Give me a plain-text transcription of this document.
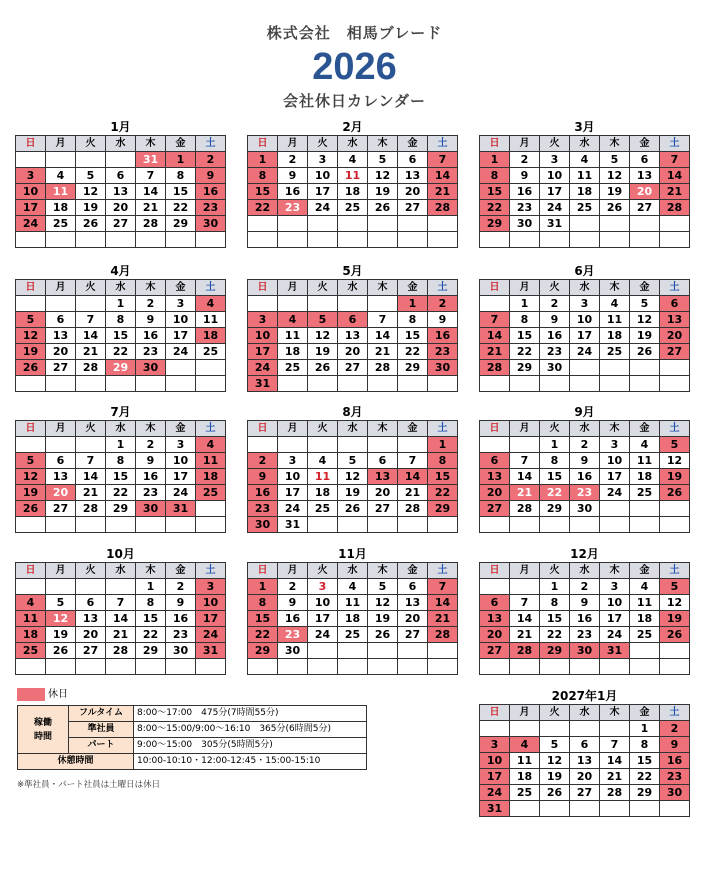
株式会社　相馬ブレード
2026
会社休日カレンダー
1月
日	月	火	水	木	金	土
				31	1	2
3	4	5	6	7	8	9
10	11	12	13	14	15	16
17	18	19	20	21	22	23
24	25	26	27	28	29	30

2月
日	月	火	水	木	金	土
1	2	3	4	5	6	7
8	9	10	11	12	13	14
15	16	17	18	19	20	21
22	23	24	25	26	27	28

3月
日	月	火	水	木	金	土
1	2	3	4	5	6	7
8	9	10	11	12	13	14
15	16	17	18	19	20	21
22	23	24	25	26	27	28
29	30	31				

4月
日	月	火	水	木	金	土
			1	2	3	4
5	6	7	8	9	10	11
12	13	14	15	16	17	18
19	20	21	22	23	24	25
26	27	28	29	30		

5月
日	月	火	水	木	金	土
					1	2
3	4	5	6	7	8	9
10	11	12	13	14	15	16
17	18	19	20	21	22	23
24	25	26	27	28	29	30
31						
6月
日	月	火	水	木	金	土
	1	2	3	4	5	6
7	8	9	10	11	12	13
14	15	16	17	18	19	20
21	22	23	24	25	26	27
28	29	30				

7月
日	月	火	水	木	金	土
			1	2	3	4
5	6	7	8	9	10	11
12	13	14	15	16	17	18
19	20	21	22	23	24	25
26	27	28	29	30	31	

8月
日	月	火	水	木	金	土
						1
2	3	4	5	6	7	8
9	10	11	12	13	14	15
16	17	18	19	20	21	22
23	24	25	26	27	28	29
30	31					
9月
日	月	火	水	木	金	土
		1	2	3	4	5
6	7	8	9	10	11	12
13	14	15	16	17	18	19
20	21	22	23	24	25	26
27	28	29	30			

10月
日	月	火	水	木	金	土
				1	2	3
4	5	6	7	8	9	10
11	12	13	14	15	16	17
18	19	20	21	22	23	24
25	26	27	28	29	30	31

11月
日	月	火	水	木	金	土
1	2	3	4	5	6	7
8	9	10	11	12	13	14
15	16	17	18	19	20	21
22	23	24	25	26	27	28
29	30					

12月
日	月	火	水	木	金	土
		1	2	3	4	5
6	7	8	9	10	11	12
13	14	15	16	17	18	19
20	21	22	23	24	25	26
27	28	29	30	31		

2027年1月
日	月	火	水	木	金	土
					1	2
3	4	5	6	7	8	9
10	11	12	13	14	15	16
17	18	19	20	21	22	23
24	25	26	27	28	29	30
31						
休日
稼働
時間	フルタイム	8:00～17:00　475分(7時間55分)
	準社員	8:00～15:00/9:00～16:10　365分(6時間5分)
	パート	9:00～15:00　305分(5時間5分)
休憩時間		10:00-10:10・12:00-12:45・15:00-15:10
※準社員・パート社員は土曜日は休日
